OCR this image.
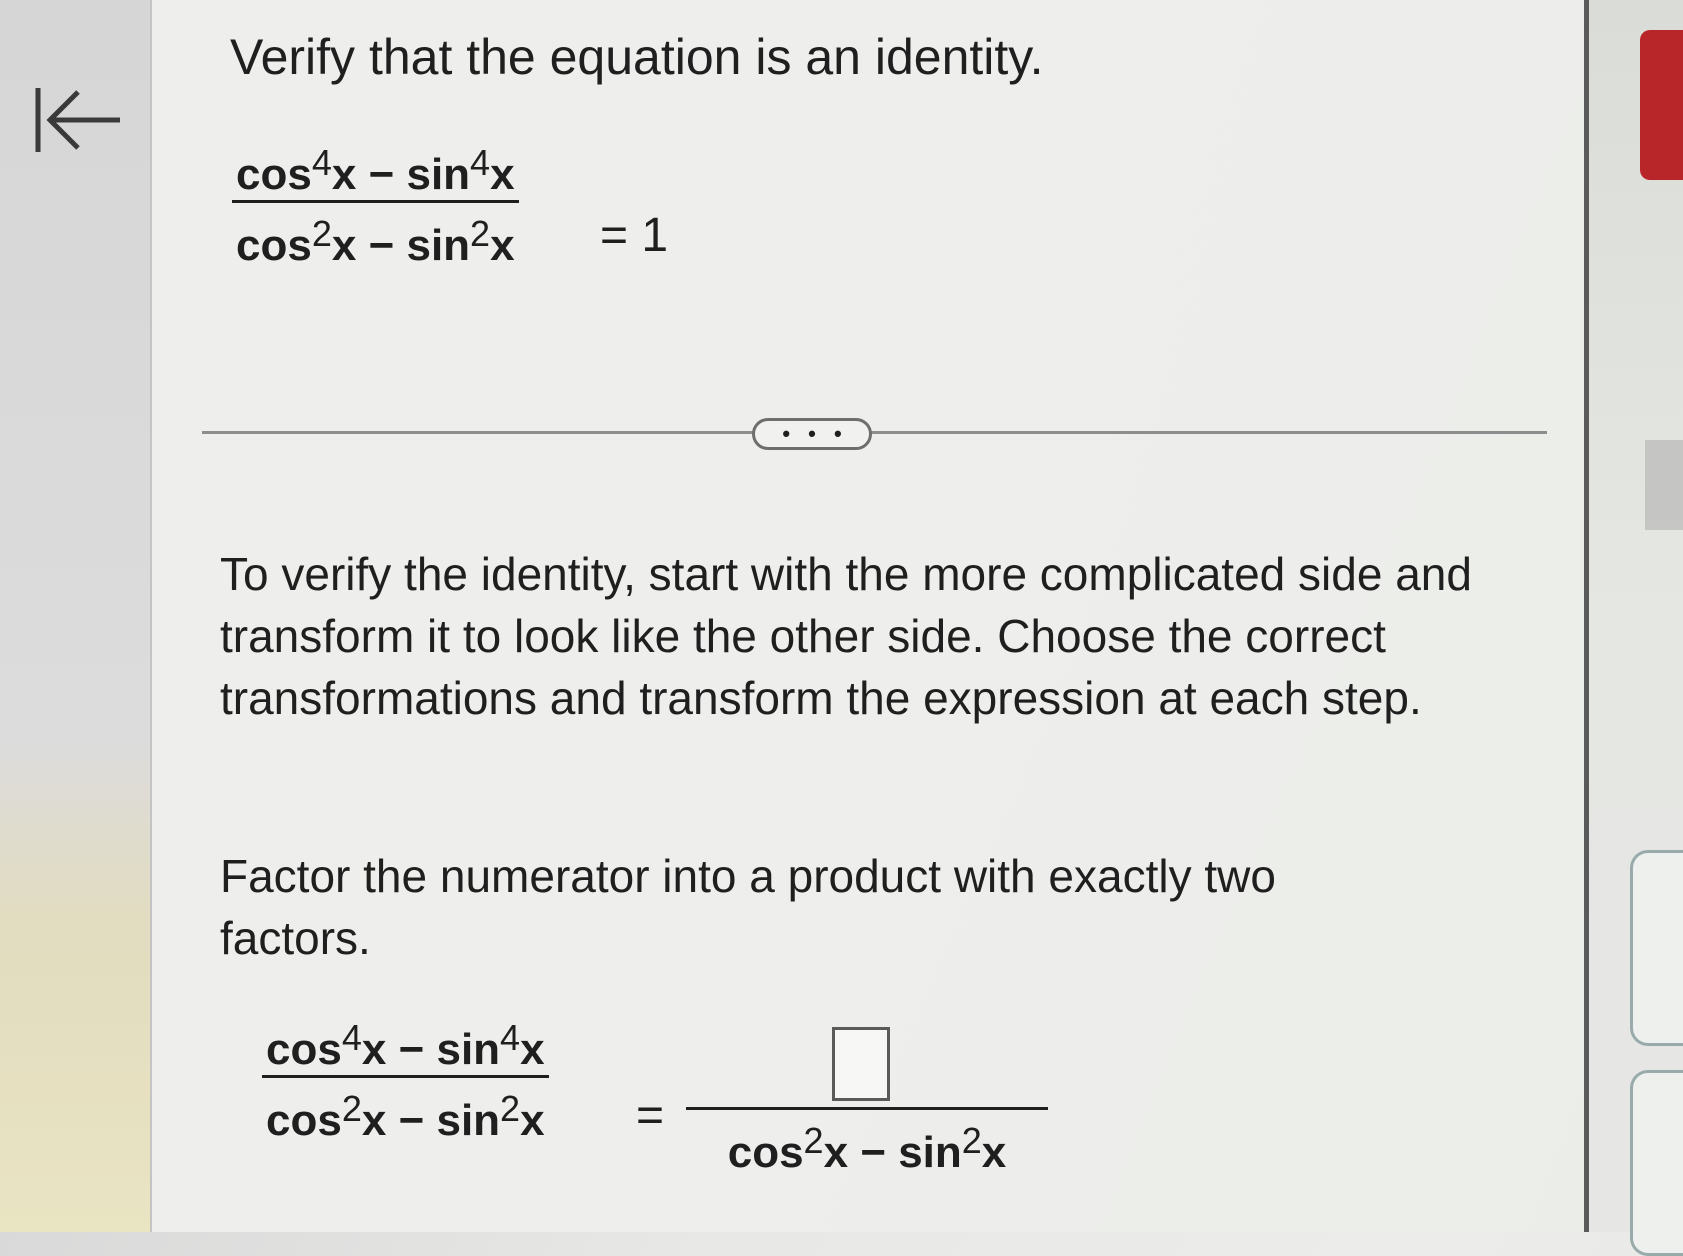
Verify that the equation is an identity.
$\cos^4x - \sin^4x$
$\cos^2x - \sin^2x = 1$
• • •

To verify the identity, start with the more complicated side and transform it to look like the other side. Choose the correct transformations and transform the expression at each step.

Factor the numerator into a product with exactly two factors.

$\cos^4x - \sin^4x$
$\cos^2x - \sin^2x$ =
$\cos^2x - \sin^2x$
